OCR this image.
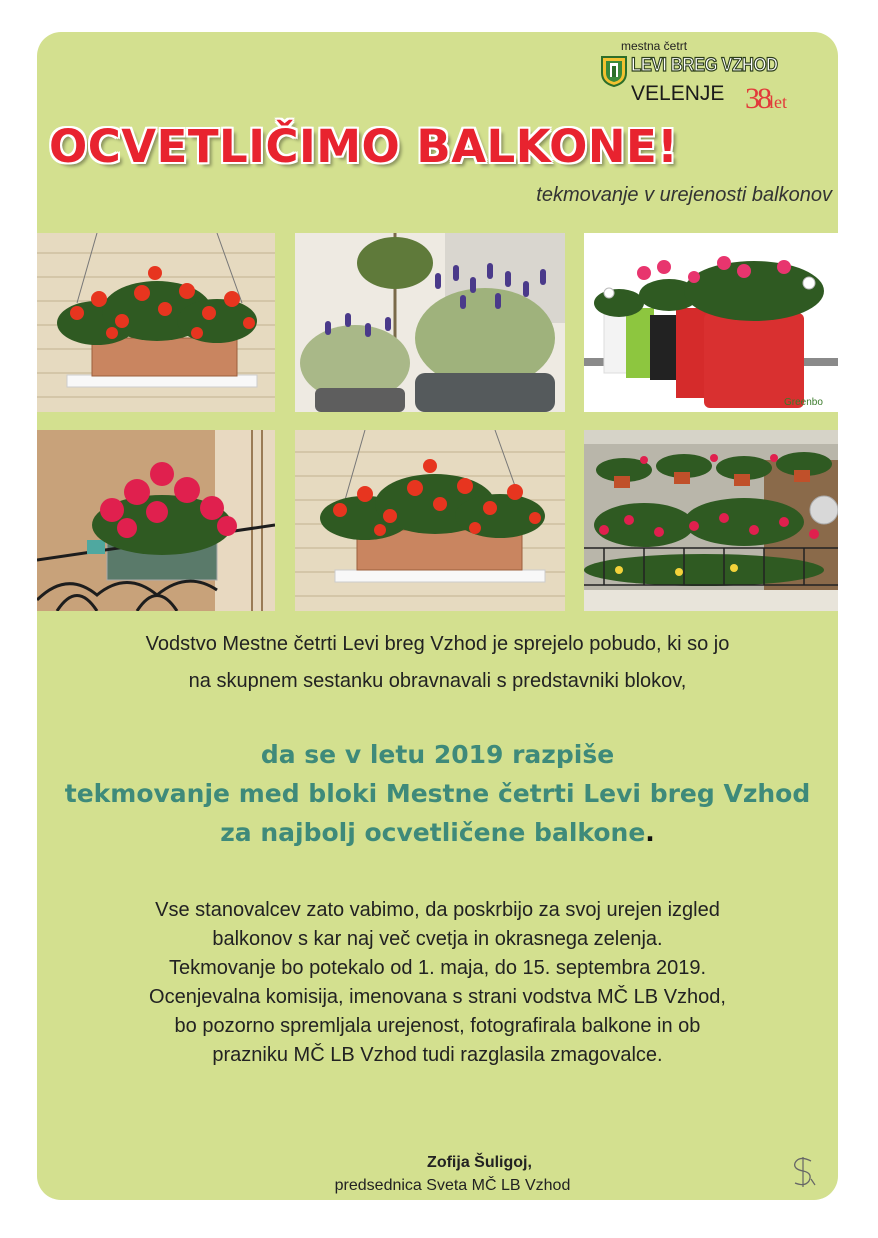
mestna četrt
LEVI BREG VZHOD
VELENJE 38let
OCVETLIČIMO BALKONE!
tekmovanje v urejenosti balkonov
Greenbo
Vodstvo Mestne četrti Levi breg Vzhod je sprejelo pobudo, ki so jo
na skupnem sestanku obravnavali s predstavniki blokov,
da se v letu 2019 razpiše
tekmovanje med bloki Mestne četrti Levi breg Vzhod
za najbolj ocvetličene balkone.
Vse stanovalcev zato vabimo, da poskrbijo za svoj urejen izgled
balkonov s kar naj več cvetja in okrasnega zelenja.
Tekmovanje bo potekalo od 1. maja, do 15. septembra 2019.
Ocenjevalna komisija, imenovana s strani vodstva MČ LB Vzhod,
bo pozorno spremljala urejenost, fotografirala balkone in ob
prazniku MČ LB Vzhod tudi razglasila zmagovalce.
Zofija Šuligoj,
predsednica Sveta MČ LB Vzhod
